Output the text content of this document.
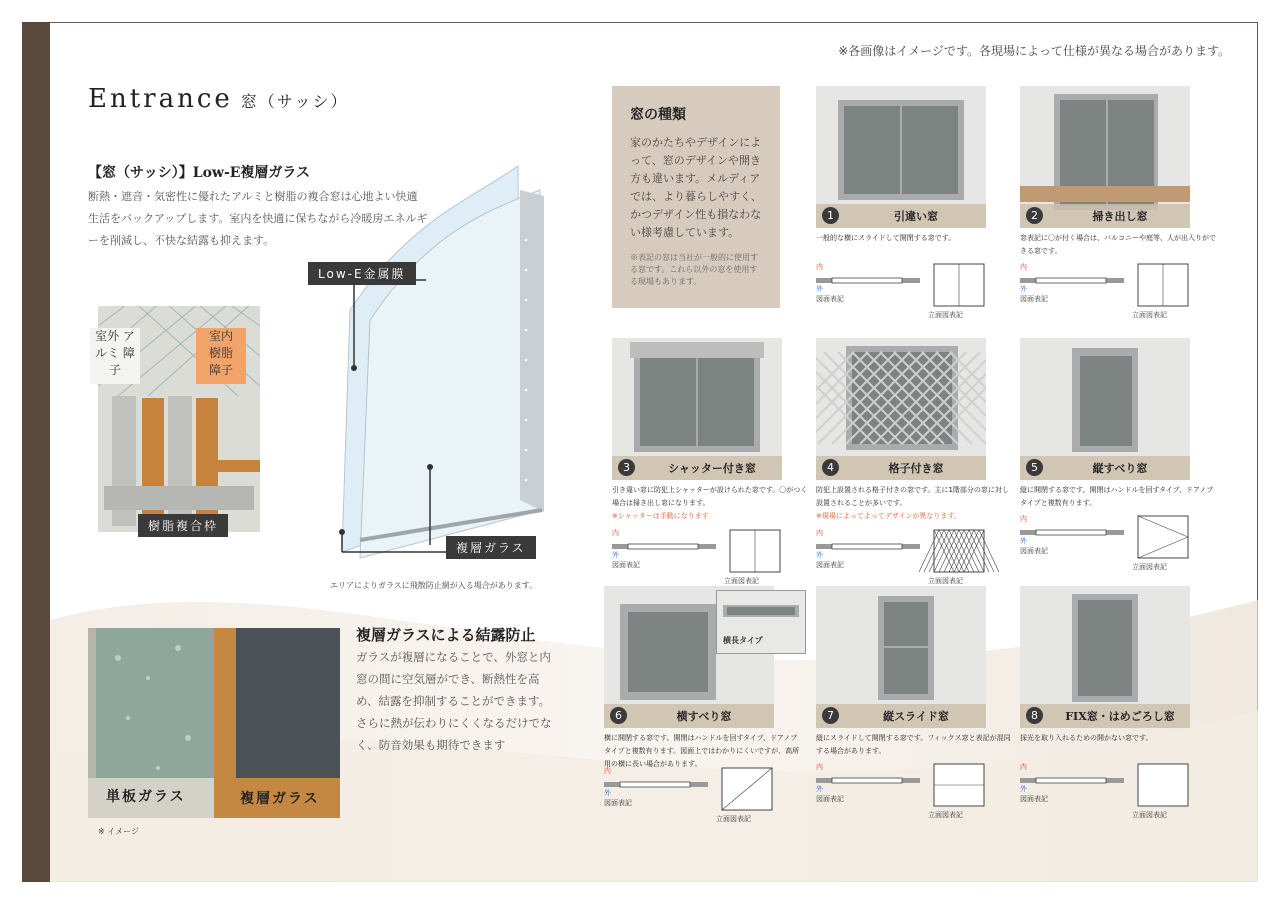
※各画像はイメージです。各現場によって仕様が異なる場合があります。
Entrance 窓（サッシ）
【窓（サッシ）】Low-E複層ガラス
断熱・遮音・気密性に優れたアルミと樹脂の複合窓は心地よい快適生活をバックアップします。室内を快適に保ちながら冷暖房エネルギーを削減し、不快な結露も抑えます。
室外 アルミ 障子
室内
樹脂
障子
樹脂複合枠
Low-E金属膜
複層ガラス
エリアによりガラスに飛散防止網が入る場合があります。
単板ガラス	複層ガラス
※ イメージ
複層ガラスによる結露防止
ガラスが複層になることで、外窓と内窓の間に空気層ができ、断熱性を高め、結露を抑制することができます。さらに熱が伝わりにくくなるだけでなく、防音効果も期待できます
窓の種類
家のかたちやデザインによって、窓のデザインや開き方も違います。メルディアでは、より暮らしやすく、かつデザイン性も損なわない様考慮しています。
※表記の窓は当社が一般的に使用する窓です。これら以外の窓を使用する現場もあります。
1	引違い窓
一般的な横にスライドして開閉する窓です。
内
外
図面表記
立面図表記
2	掃き出し窓
窓表記に〇が付く場合は、バルコニーや庭等、人が出入りができる窓です。
内
外
図面表記
立面図表記
3	シャッター付き窓
引き違い窓に防犯上シャッターが設けられた窓です。〇がつく場合は掃き出し窓になります。
※シャッターは手動になります
内
外
図面表記
立面図表記
4	格子付き窓
防犯上設置される格子付きの窓です。主に1階部分の窓に対し設置されることが多いです。
※現場によってよってデザインが異なります。
内
外
図面表記
立面図表記
5	縦すべり窓
縦に開閉する窓です。開閉はハンドルを回すタイプ、ドアノブタイプと複数有ります。
内
外
図面表記
立面図表記
6	横すべり窓
横に開閉する窓です。開閉はハンドルを回すタイプ、ドアノブタイプと複数有ります。図面上ではわかりにくいですが、高所用の横に長い場合があります。
内
外
図面表記
立面図表記
横長タイプ
7	縦スライド窓
縦にスライドして開閉する窓です。フィックス窓と表記が混同する場合があります。
内
外
図面表記
立面図表記
8	FIX窓・はめごろし窓
採光を取り入れるための開かない窓です。
内
外
図面表記
立面図表記
